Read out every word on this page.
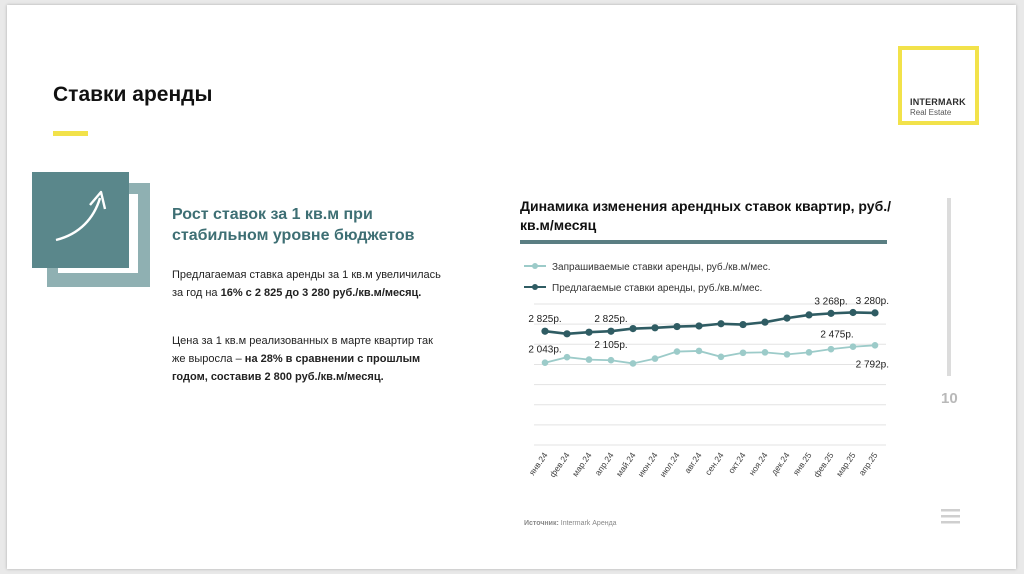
Ставки аренды	INTERMARK
Real Estate
Рост ставок за 1 кв.м при стабильном уровне бюджетов
Предлагаемая ставка аренды за 1 кв.м увеличилась за год на 16% с 2 825 до 3 280 руб./кв.м/месяц.
Цена за 1 кв.м реализованных в марте квартир так же выросла – на 28% в сравнении с прошлым годом, составив 2 800 руб./кв.м/месяц.
Динамика изменения арендных ставок квартир, руб./кв.м/месяц
Запрашиваемые ставки аренды, руб./кв.м/мес.
Предлагаемые ставки аренды, руб./кв.м/мес.
2 043р.	2 105р.
2 475р.
2 792р.
2 825р.	2 825р.
3 268р. 3 280р.
янв.24
фев.24
мар.24
апр.24
май.24
июн.24
июл.24 авг.24 сен.24 окт.24
ноя.24 дек.24 янв.25
фев.25
мар.25
апр.25
Источник: Intermark Аренда
10
